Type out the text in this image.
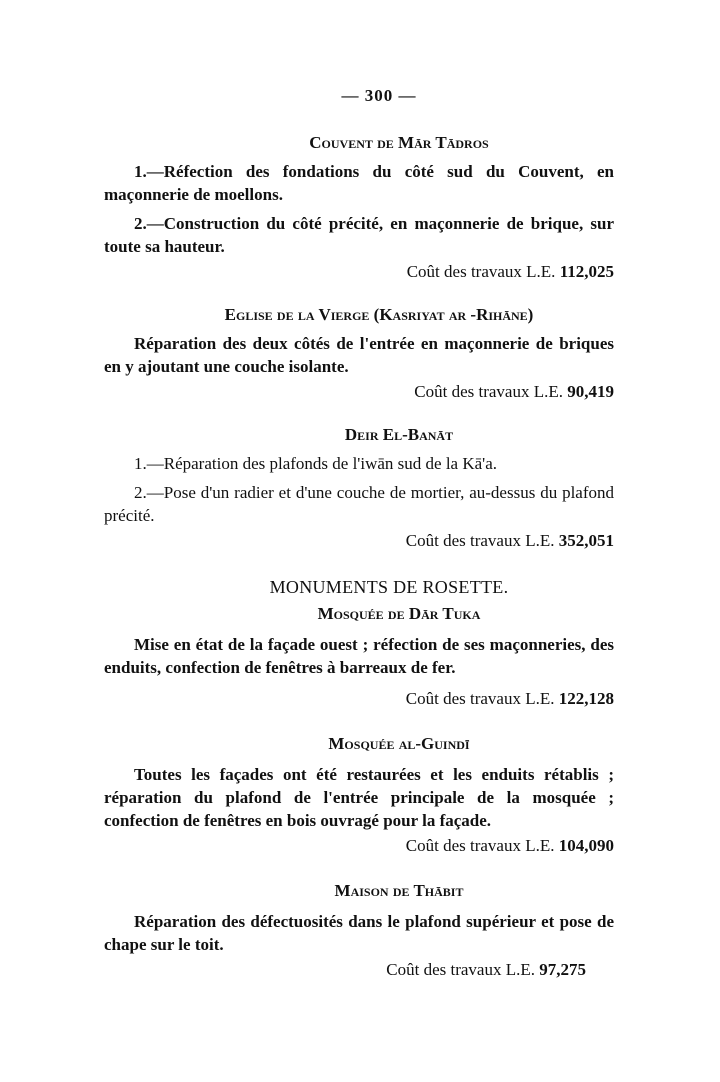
— 300 —
Couvent de Mār Tādros

1.—Réfection des fondations du côté sud du Couvent, en maçonnerie de moellons.

2.—Construction du côté précité, en maçonnerie de brique, sur toute sa hauteur.

Coût des travaux L.E. 112,025
Eglise de la Vierge (Kasriyat ar -Rihāne)

Réparation des deux côtés de l'entrée en maçonnerie de briques en y ajoutant une couche isolante.

Coût des travaux L.E. 90,419
Deir El-Banāt

1.—Réparation des plafonds de l'iwān sud de la Kā'a.

2.—Pose d'un radier et d'une couche de mortier, au-dessus du plafond précité.

Coût des travaux L.E. 352,051
MONUMENTS DE ROSETTE.
Mosquée de Dār Tuka

Mise en état de la façade ouest ; réfection de ses maçonneries, des enduits, confection de fenêtres à barreaux de fer.

Coût des travaux L.E. 122,128
Mosquée al-Guindī

Toutes les façades ont été restaurées et les enduits rétablis ; réparation du plafond de l'entrée principale de la mosquée ; confection de fenêtres en bois ouvragé pour la façade.

Coût des travaux L.E. 104,090
Maison de Thābit

Réparation des défectuosités dans le plafond supérieur et pose de chape sur le toit.

Coût des travaux L.E. 97,275
